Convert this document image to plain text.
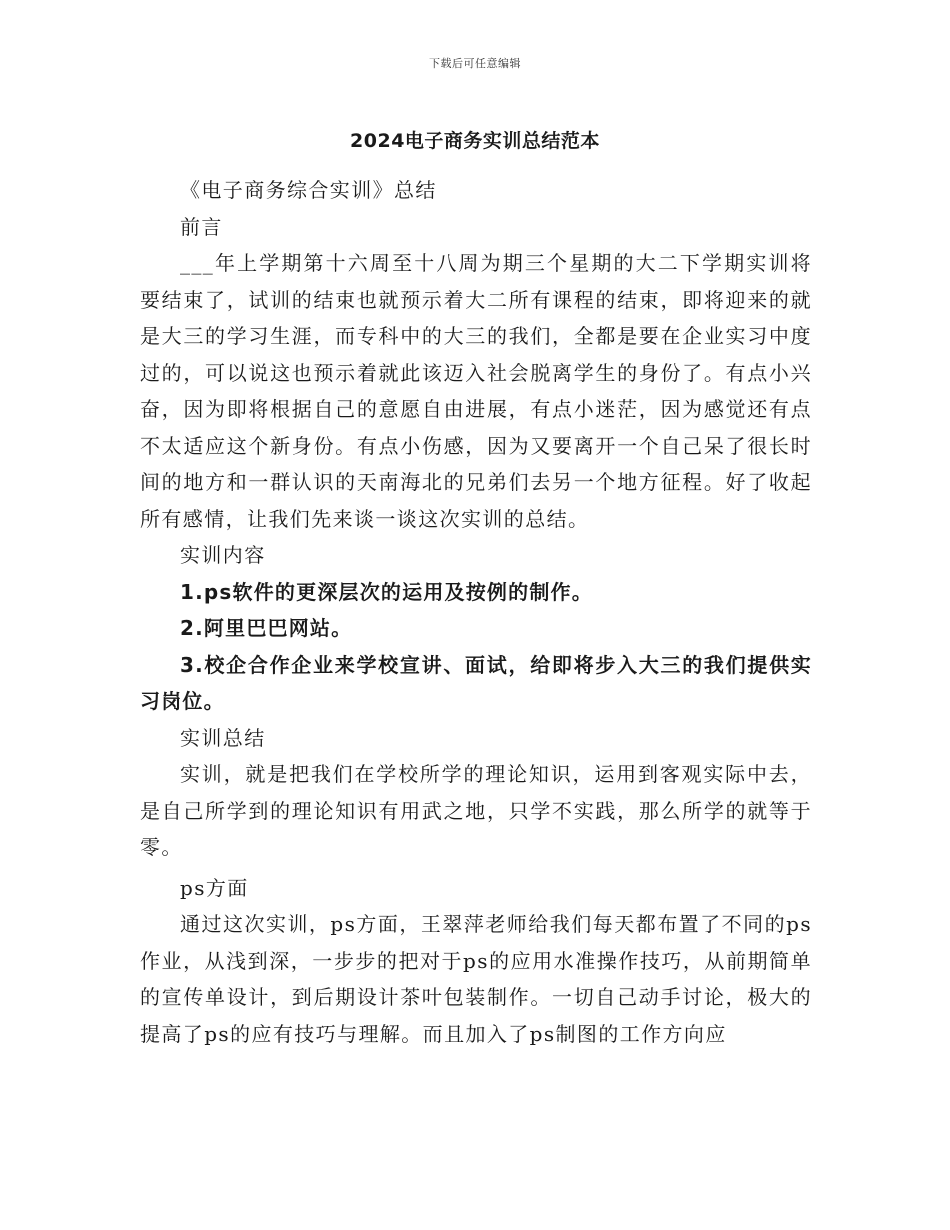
下载后可任意编辑
2024电子商务实训总结范本

《电子商务综合实训》总结

前言

___年上学期第十六周至十八周为期三个星期的大二下学期实训将要结束了，试训的结束也就预示着大二所有课程的结束，即将迎来的就是大三的学习生涯，而专科中的大三的我们，全都是要在企业实习中度过的，可以说这也预示着就此该迈入社会脱离学生的身份了。有点小兴奋，因为即将根据自己的意愿自由进展，有点小迷茫，因为感觉还有点不太适应这个新身份。有点小伤感，因为又要离开一个自己呆了很长时间的地方和一群认识的天南海北的兄弟们去另一个地方征程。好了收起所有感情，让我们先来谈一谈这次实训的总结。

实训内容

1.ps软件的更深层次的运用及按例的制作。

2.阿里巴巴网站。

3.校企合作企业来学校宣讲、面试，给即将步入大三的我们提供实习岗位。

实训总结

实训，就是把我们在学校所学的理论知识，运用到客观实际中去，是自己所学到的理论知识有用武之地，只学不实践，那么所学的就等于零。

ps方面

通过这次实训，ps方面，王翠萍老师给我们每天都布置了不同的ps作业，从浅到深，一步步的把对于ps的应用水准操作技巧，从前期简单的宣传单设计，到后期设计茶叶包装制作。一切自己动手讨论，极大的提高了ps的应有技巧与理解。而且加入了ps制图的工作方向应
